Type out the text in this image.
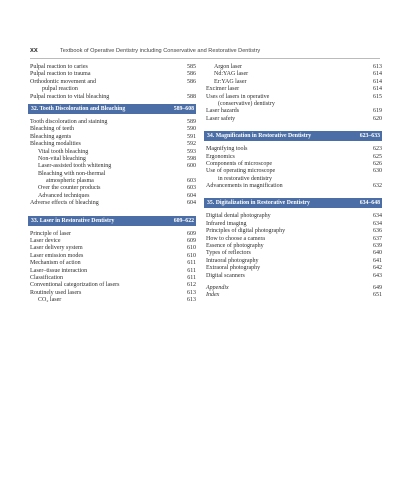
xx	Textbook of Operative Dentistry including Conservative and Restorative Dentistry
Pulpal reaction to caries	585
Pulpal reaction to trauma	586
Orthodontic movement and	586
pulpal reaction
Pulpal reaction to vital bleaching	588
32. Tooth Discoloration and Bleaching	589–608
Tooth discoloration and staining	589
Bleaching of teeth	590
Bleaching agents	591
Bleaching modalities	592
Vital tooth bleaching	593
Non-vital bleaching	598
Laser-assisted tooth whitening	600
Bleaching with non-thermal
atmospheric plasma	603
Over the counter products	603
Advanced techniques	604
Adverse effects of bleaching	604
33. Laser in Restorative Dentistry	609–622
Principle of laser	609
Laser device	609
Laser delivery system	610
Laser emission modes	610
Mechanism of action	611
Laser–tissue interaction	611
Classification	611
Conventional categorization of lasers	612
Routinely used lasers	613
CO₂ laser	613
Argon laser	613
Nd:YAG laser	614
Er:YAG laser	614
Excimer laser	614
Uses of lasers in operative	615
(conservative) dentistry
Laser hazards	619
Laser safety	620
34. Magnification in Restorative Dentistry	623–633
Magnifying tools	623
Ergonomics	625
Components of microscope	626
Use of operating microscope	630
in restorative dentistry
Advancements in magnification	632
35. Digitalization in Restorative Dentistry	634–648
Digital dental photography	634
Infrared imaging	634
Principles of digital photography	636
How to choose a camera	637
Essence of photography	639
Types of reflectors	640
Intraoral photography	641
Extraoral photography	642
Digital scanners	643
Appendix	649
Index	651
